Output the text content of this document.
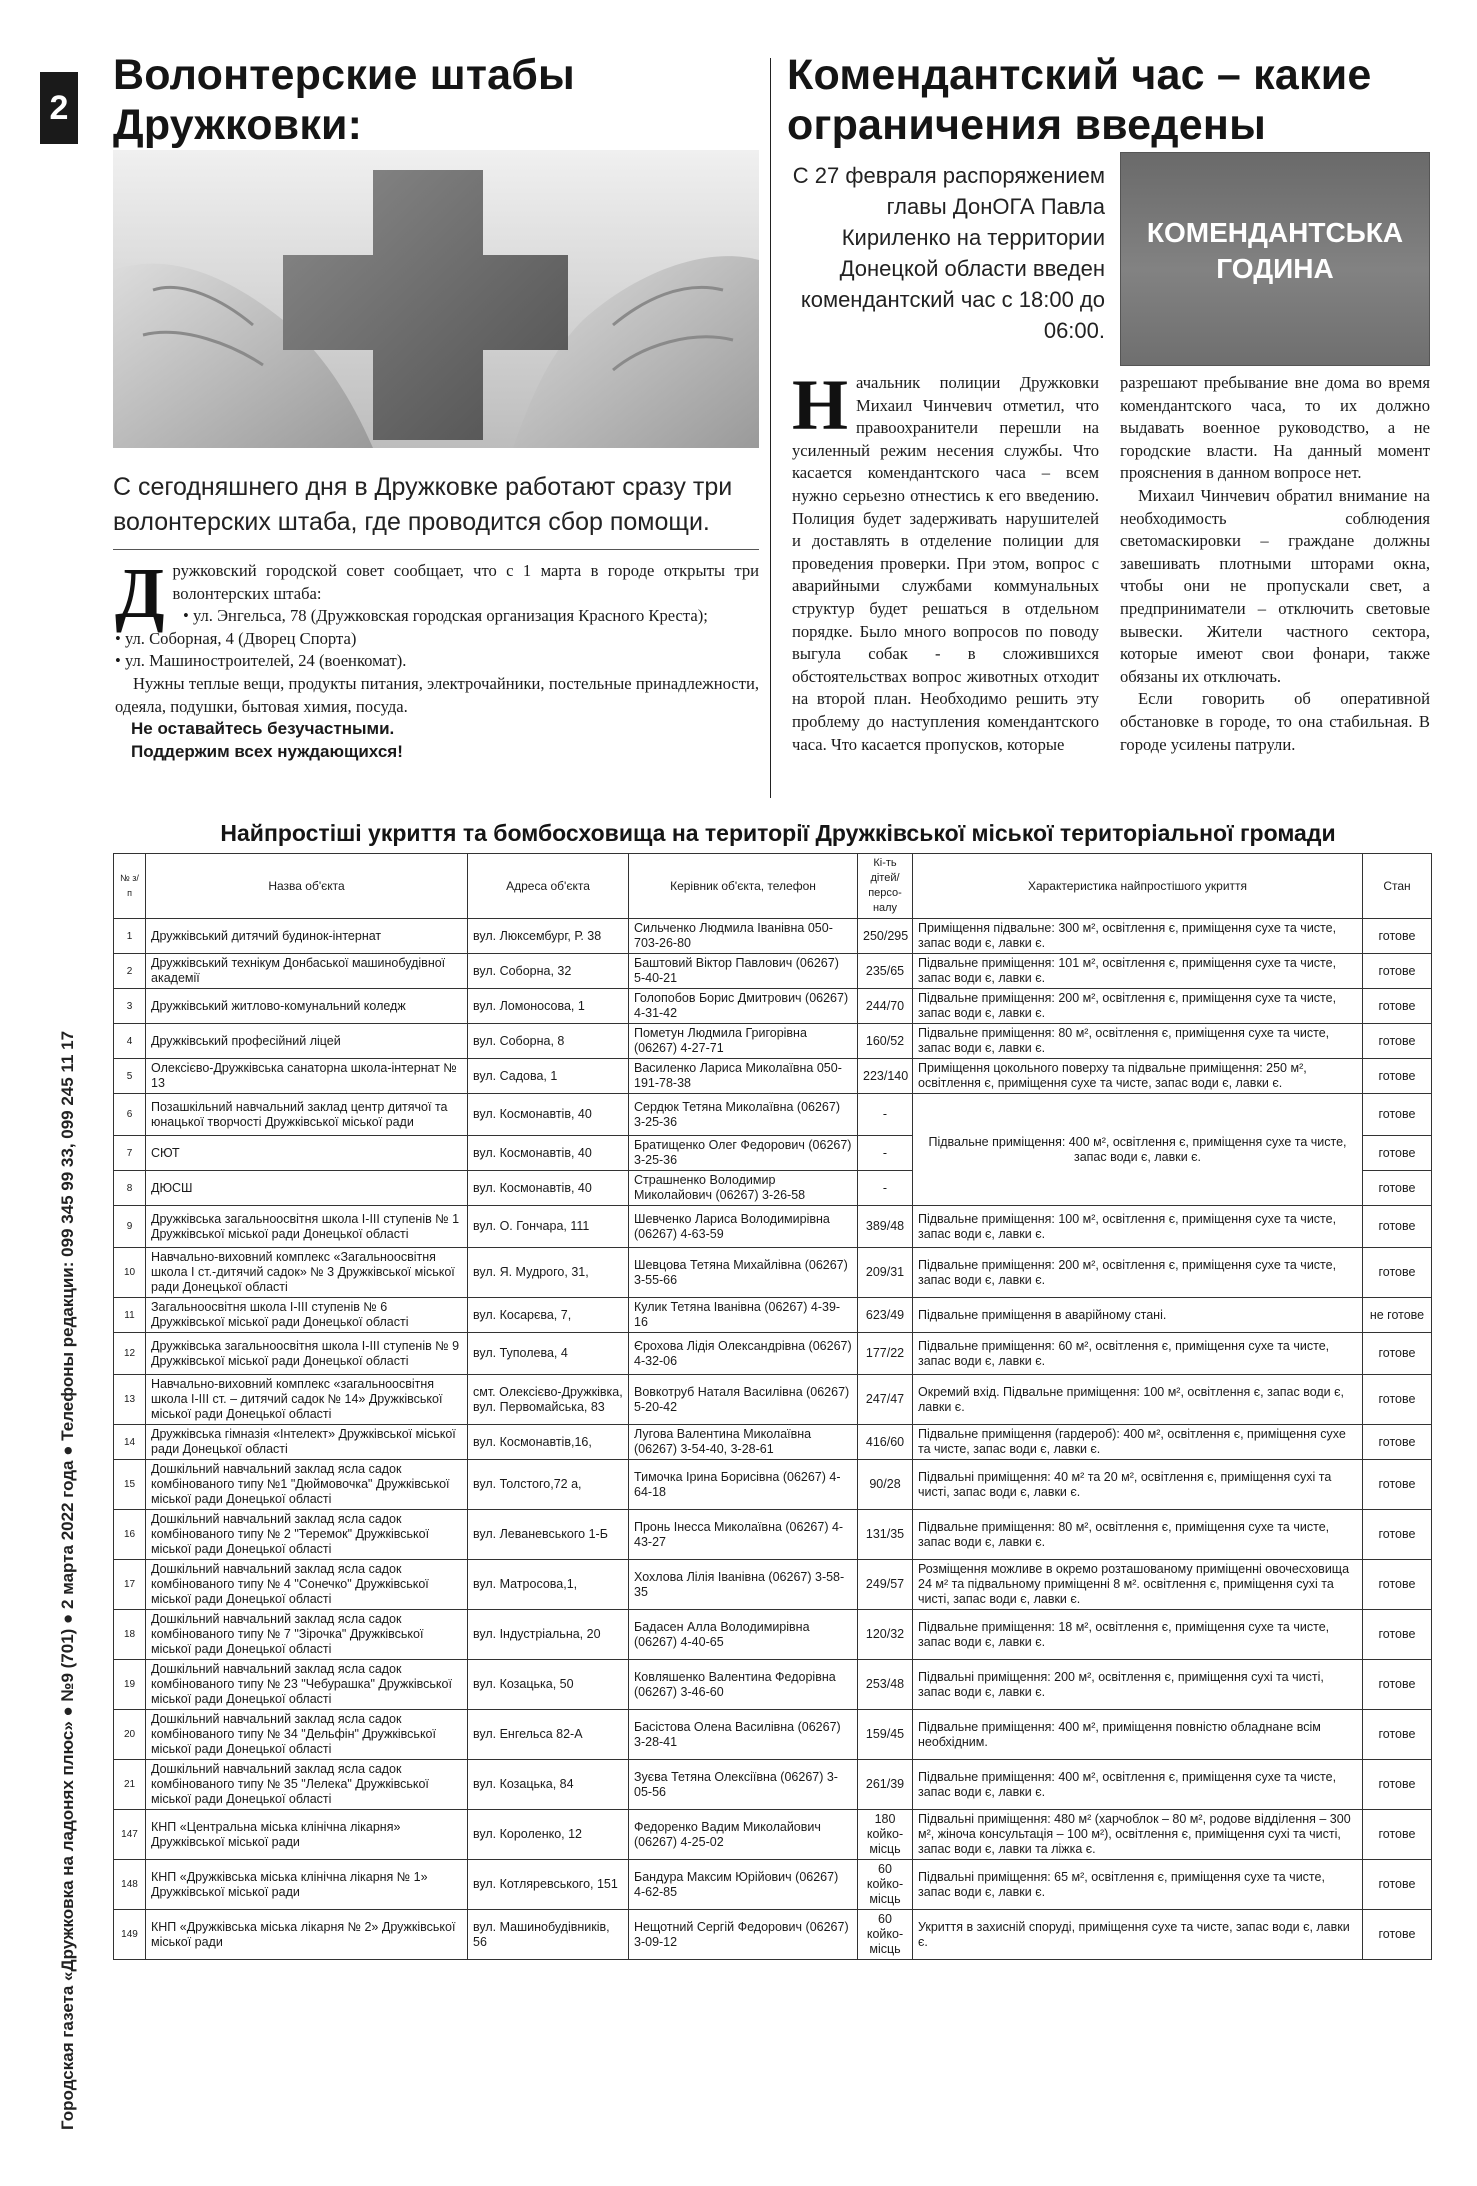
2
Городская газета «Дружковка на ладонях плюс» ● №9 (701) ● 2 марта 2022 года ● Телефоны редакции: 099 345 99 33, 099 245 11 17
Волонтерские штабы Дружковки:

С сегодняшнего дня в Дружковке работают сразу три волонтерских штаба, где проводится сбор помощи.
Д ружковский городской совет сообщает, что с 1 марта в городе открыты три волонтерских штаба:

• ул. Энгельса, 78 (Дружковская городская организация Красного Креста);

• ул. Соборная, 4 (Дворец Спорта)

• ул. Машиностроителей, 24 (военкомат).

Нужны теплые вещи, продукты питания, электрочайники, постельные принадлежности, одеяла, подушки, бытовая химия, посуда.

Не оставайтесь безучастными.

Поддержим всех нуждающихся!

Комендантский час – какие
ограничения введены
С 27 февраля распоряжением главы ДонОГА Павла Кириленко на территории Донецкой области введен комендантский час с 18:00 до 06:00.
КОМЕНДАНТСЬКА
ГОДИНА
Н ачальник полиции Дружковки Михаил Чинчевич отметил, что правоохранители перешли на усиленный режим несения службы. Что касается комендантского часа – всем нужно серьезно отнестись к его введению. Полиция будет задерживать нарушителей и доставлять в отделение полиции для проведения проверки. При этом, вопрос с аварийными службами коммунальных структур будет решаться в отдельном порядке. Было много вопросов по поводу выгула собак - в сложившихся обстоятельствах вопрос животных отходит на второй план. Необходимо решить эту проблему до наступления комендантского часа. Что касается пропусков, которые

разрешают пребывание вне дома во время комендантского часа, то их должно выдавать военное руководство, а не городские власти. На данный момент прояснения в данном вопросе нет.

Михаил Чинчевич обратил внимание на необходимость соблюдения светомаскировки – граждане должны завешивать плотными шторами окна, чтобы они не пропускали свет, а предприниматели – отключить световые вывески. Жители частного сектора, которые имеют свои фонари, также обязаны их отключать.

Если говорить об оперативной обстановке в городе, то она стабильная. В городе усилены патрули.

Найпростіші укриття та бомбосховища на території Дружківської міської територіальної громади
№ з/п	Назва об'єкта	Адреса об'єкта	Керівник об'єкта, телефон	Кі-ть дітей/ персо-налу	Характеристика найпростішого укриття	Стан
1	Дружківський дитячий будинок-інтернат	вул. Люксембург, Р. 38	Сильченко Людмила Іванівна 050-703-26-80	250/295	Приміщення підвальне: 300 м², освітлення є, приміщення сухе та чисте, запас води є, лавки є.	готове
2	Дружківський технікум Донбаської машинобудівної академії	вул. Соборна, 32	Баштовий Віктор Павлович (06267) 5-40-21	235/65	Підвальне приміщення: 101 м², освітлення є, приміщення сухе та чисте, запас води є, лавки є.	готове
3	Дружківський житлово-комунальний коледж	вул. Ломоносова, 1	Голопобов Борис Дмитрович (06267) 4-31-42	244/70	Підвальне приміщення: 200 м², освітлення є, приміщення сухе та чисте, запас води є, лавки є.	готове
4	Дружківський професійний ліцей	вул. Соборна, 8	Пометун Людмила Григорівна (06267) 4-27-71	160/52	Підвальне приміщення: 80 м², освітлення є, приміщення сухе та чисте, запас води є, лавки є.	готове
5	Олексієво-Дружківська санаторна школа-інтернат № 13	вул. Садова, 1	Василенко Лариса Миколаївна 050-191-78-38	223/140	Приміщення цокольного поверху та підвальне приміщення: 250 м², освітлення є, приміщення сухе та чисте, запас води є, лавки є.	готове
6	Позашкільний навчальний заклад центр дитячої та юнацької творчості Дружківської міської ради	вул. Космонавтів, 40	Сердюк Тетяна Миколаївна (06267) 3-25-36	-	Підвальне приміщення: 400 м², освітлення є, приміщення сухе та чисте, запас води є, лавки є.	готове
7	СЮТ	вул. Космонавтів, 40	Братищенко Олег Федорович (06267) 3-25-36	-		готове
8	ДЮСШ	вул. Космонавтів, 40	Страшненко Володимир Миколайович (06267) 3-26-58	-		готове
9	Дружківська загальноосвітня школа І-ІІІ ступенів № 1 Дружківської міської ради Донецької області	вул. О. Гончара, 111	Шевченко Лариса Володимирівна (06267) 4-63-59	389/48	Підвальне приміщення: 100 м², освітлення є, приміщення сухе та чисте, запас води є, лавки є.	готове
10	Навчально-виховний комплекс «Загальноосвітня школа І ст.-дитячий садок» № 3 Дружківської міської ради Донецької області	вул. Я. Мудрого, 31,	Шевцова Тетяна Михайлівна (06267) 3-55-66	209/31	Підвальне приміщення: 200 м², освітлення є, приміщення сухе та чисте, запас води є, лавки є.	готове
11	Загальноосвітня школа І-ІІІ ступенів № 6 Дружківської міської ради Донецької області	вул. Косарєва, 7,	Кулик Тетяна Іванівна (06267) 4-39-16	623/49	Підвальне приміщення в аварійному стані.	не готове
12	Дружківська загальноосвітня школа І-ІІІ ступенів № 9 Дружківської міської ради Донецької області	вул. Туполева, 4	Єрохова Лідія Олександрівна (06267) 4-32-06	177/22	Підвальне приміщення: 60 м², освітлення є, приміщення сухе та чисте, запас води є, лавки є.	готове
13	Навчально-виховний комплекс «загальноосвітня школа І-ІІІ ст. – дитячий садок № 14» Дружківської міської ради Донецької області	смт. Олексієво-Дружківка, вул. Первомайська, 83	Вовкотруб Наталя Василівна (06267) 5-20-42	247/47	Окремий вхід. Підвальне приміщення: 100 м², освітлення є, запас води є, лавки є.	готове
14	Дружківська гімназія «Інтелект» Дружківської міської ради Донецької області	вул. Космонавтів,16,	Лугова Валентина Миколаївна (06267) 3-54-40, 3-28-61	416/60	Підвальне приміщення (гардероб): 400 м², освітлення є, приміщення сухе та чисте, запас води є, лавки є.	готове
15	Дошкільний навчальний заклад ясла садок комбінованого типу №1 "Дюймовочка" Дружківської міської ради Донецької області	вул. Толстого,72 а,	Тимочка Ірина Борисівна (06267) 4-64-18	90/28	Підвальні приміщення: 40 м² та 20 м², освітлення є, приміщення сухі та чисті, запас води є, лавки є.	готове
16	Дошкільний навчальний заклад ясла садок комбінованого типу № 2 "Теремок" Дружківської міської ради Донецької області	вул. Леваневського 1-Б	Пронь Інесса Миколаївна (06267) 4-43-27	131/35	Підвальне приміщення: 80 м², освітлення є, приміщення сухе та чисте, запас води є, лавки є.	готове
17	Дошкільний навчальний заклад ясла садок комбінованого типу № 4 "Сонечко" Дружківської міської ради Донецької області	вул. Матросова,1,	Хохлова Лілія Іванівна (06267) 3-58-35	249/57	Розміщення можливе в окремо розташованому приміщенні овочесховища 24 м² та підвальному приміщенні 8 м². освітлення є, приміщення сухі та чисті, запас води є, лавки є.	готове
18	Дошкільний навчальний заклад ясла садок комбінованого типу № 7 "Зірочка" Дружківської міської ради Донецької області	вул. Індустріальна, 20	Бадасен Алла Володимирівна (06267) 4-40-65	120/32	Підвальне приміщення: 18 м², освітлення є, приміщення сухе та чисте, запас води є, лавки є.	готове
19	Дошкільний навчальний заклад ясла садок комбінованого типу № 23 "Чебурашка" Дружківської міської ради Донецької області	вул. Козацька, 50	Ковляшенко Валентина Федорівна (06267) 3-46-60	253/48	Підвальні приміщення: 200 м², освітлення є, приміщення сухі та чисті, запас води є, лавки є.	готове
20	Дошкільний навчальний заклад ясла садок комбінованого типу № 34 "Дельфін" Дружківської міської ради Донецької області	вул. Енгельса 82-А	Басістова Олена Василівна (06267) 3-28-41	159/45	Підвальне приміщення: 400 м², приміщення повністю обладнане всім необхідним.	готове
21	Дошкільний навчальний заклад ясла садок комбінованого типу № 35 "Лелека" Дружківської міської ради Донецької області	вул. Козацька, 84	Зуєва Тетяна Олексіївна (06267) 3-05-56	261/39	Підвальне приміщення: 400 м², освітлення є, приміщення сухе та чисте, запас води є, лавки є.	готове
147	КНП «Центральна міська клінічна лікарня» Дружківської міської ради	вул. Короленко, 12	Федоренко Вадим Миколайович (06267) 4-25-02	180 койко-місць	Підвальні приміщення: 480 м² (харчоблок – 80 м², родове відділення – 300 м², жіноча консультація – 100 м²), освітлення є, приміщення сухі та чисті, запас води є, лавки та ліжка є.	готове
148	КНП «Дружківська міська клінічна лікарня № 1» Дружківської міської ради	вул. Котляревського, 151	Бандура Максим Юрійович (06267) 4-62-85	60 койко-місць	Підвальні приміщення: 65 м², освітлення є, приміщення сухе та чисте, запас води є, лавки є.	готове
149	КНП «Дружківська міська лікарня № 2» Дружківської міської ради	вул. Машинобудівників, 56	Нещотний Сергій Федорович (06267) 3-09-12	60 койко-місць	Укриття в захисній споруді, приміщення сухе та чисте, запас води є, лавки є.	готове
